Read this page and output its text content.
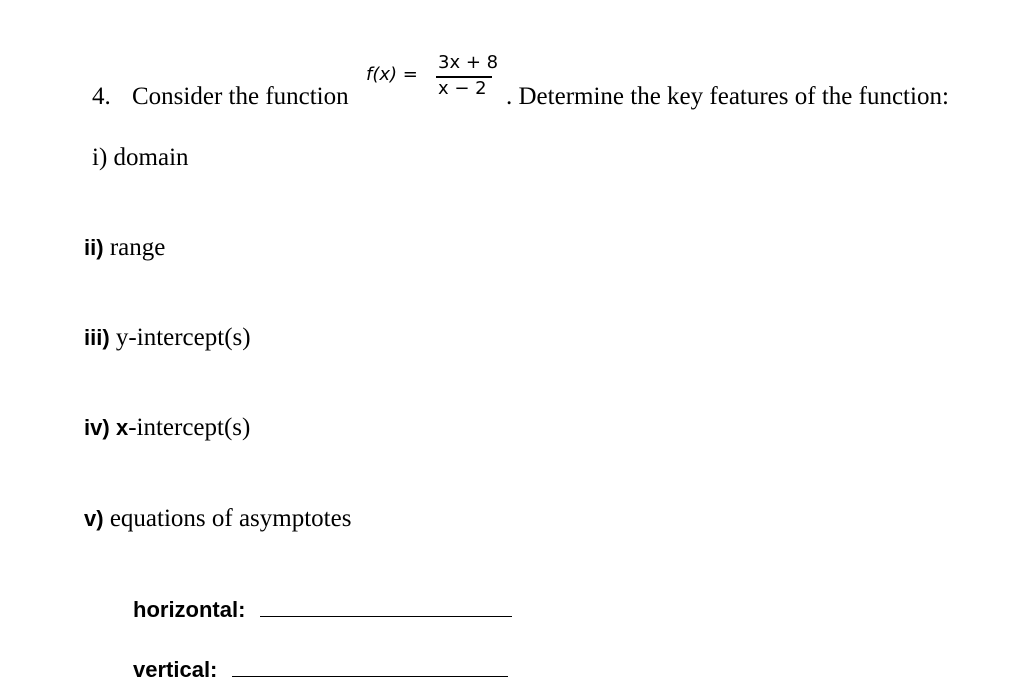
4. Consider the function
f(x) =
3x + 8
x − 2 . Determine the key features of the function:
i) domain
ii) range
iii) y-intercept(s)
iv) x-intercept(s)
v) equations of asymptotes
horizontal:
vertical:
